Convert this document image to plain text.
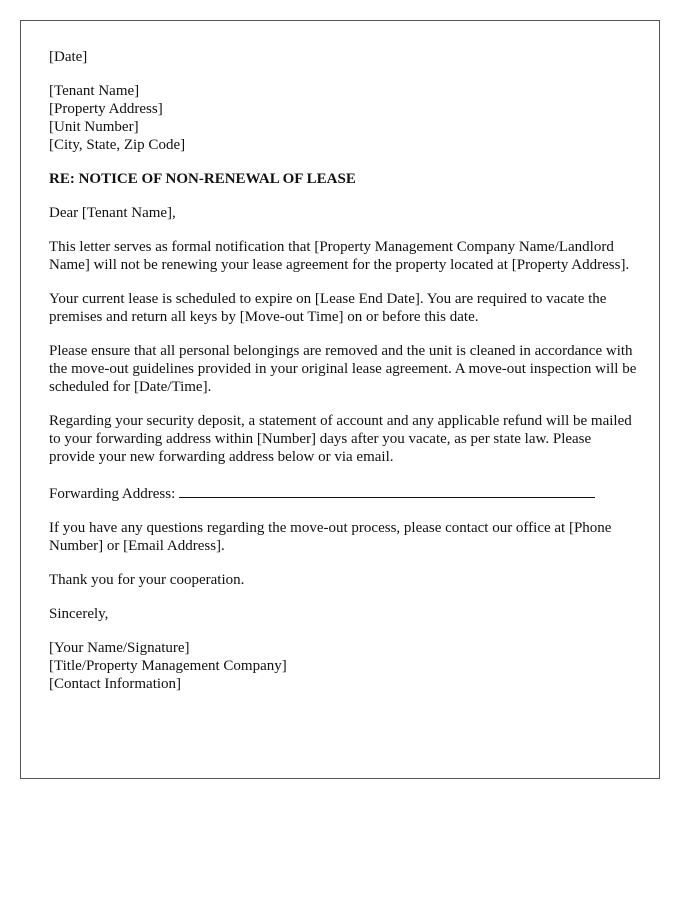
[Date]

[Tenant Name]
[Property Address]
[Unit Number]
[City, State, Zip Code]

RE: NOTICE OF NON-RENEWAL OF LEASE

Dear [Tenant Name],

This letter serves as formal notification that [Property Management Company Name/Landlord Name] will not be renewing your lease agreement for the property located at [Property Address].

Your current lease is scheduled to expire on [Lease End Date]. You are required to vacate the premises and return all keys by [Move-out Time] on or before this date.

Please ensure that all personal belongings are removed and the unit is cleaned in accordance with the move-out guidelines provided in your original lease agreement. A move-out inspection will be scheduled for [Date/Time].

Regarding your security deposit, a statement of account and any applicable refund will be mailed to your forwarding address within [Number] days after you vacate, as per state law. Please provide your new forwarding address below or via email.

Forwarding Address:

If you have any questions regarding the move-out process, please contact our office at [Phone Number] or [Email Address].

Thank you for your cooperation.

Sincerely,

[Your Name/Signature]
[Title/Property Management Company]
[Contact Information]
